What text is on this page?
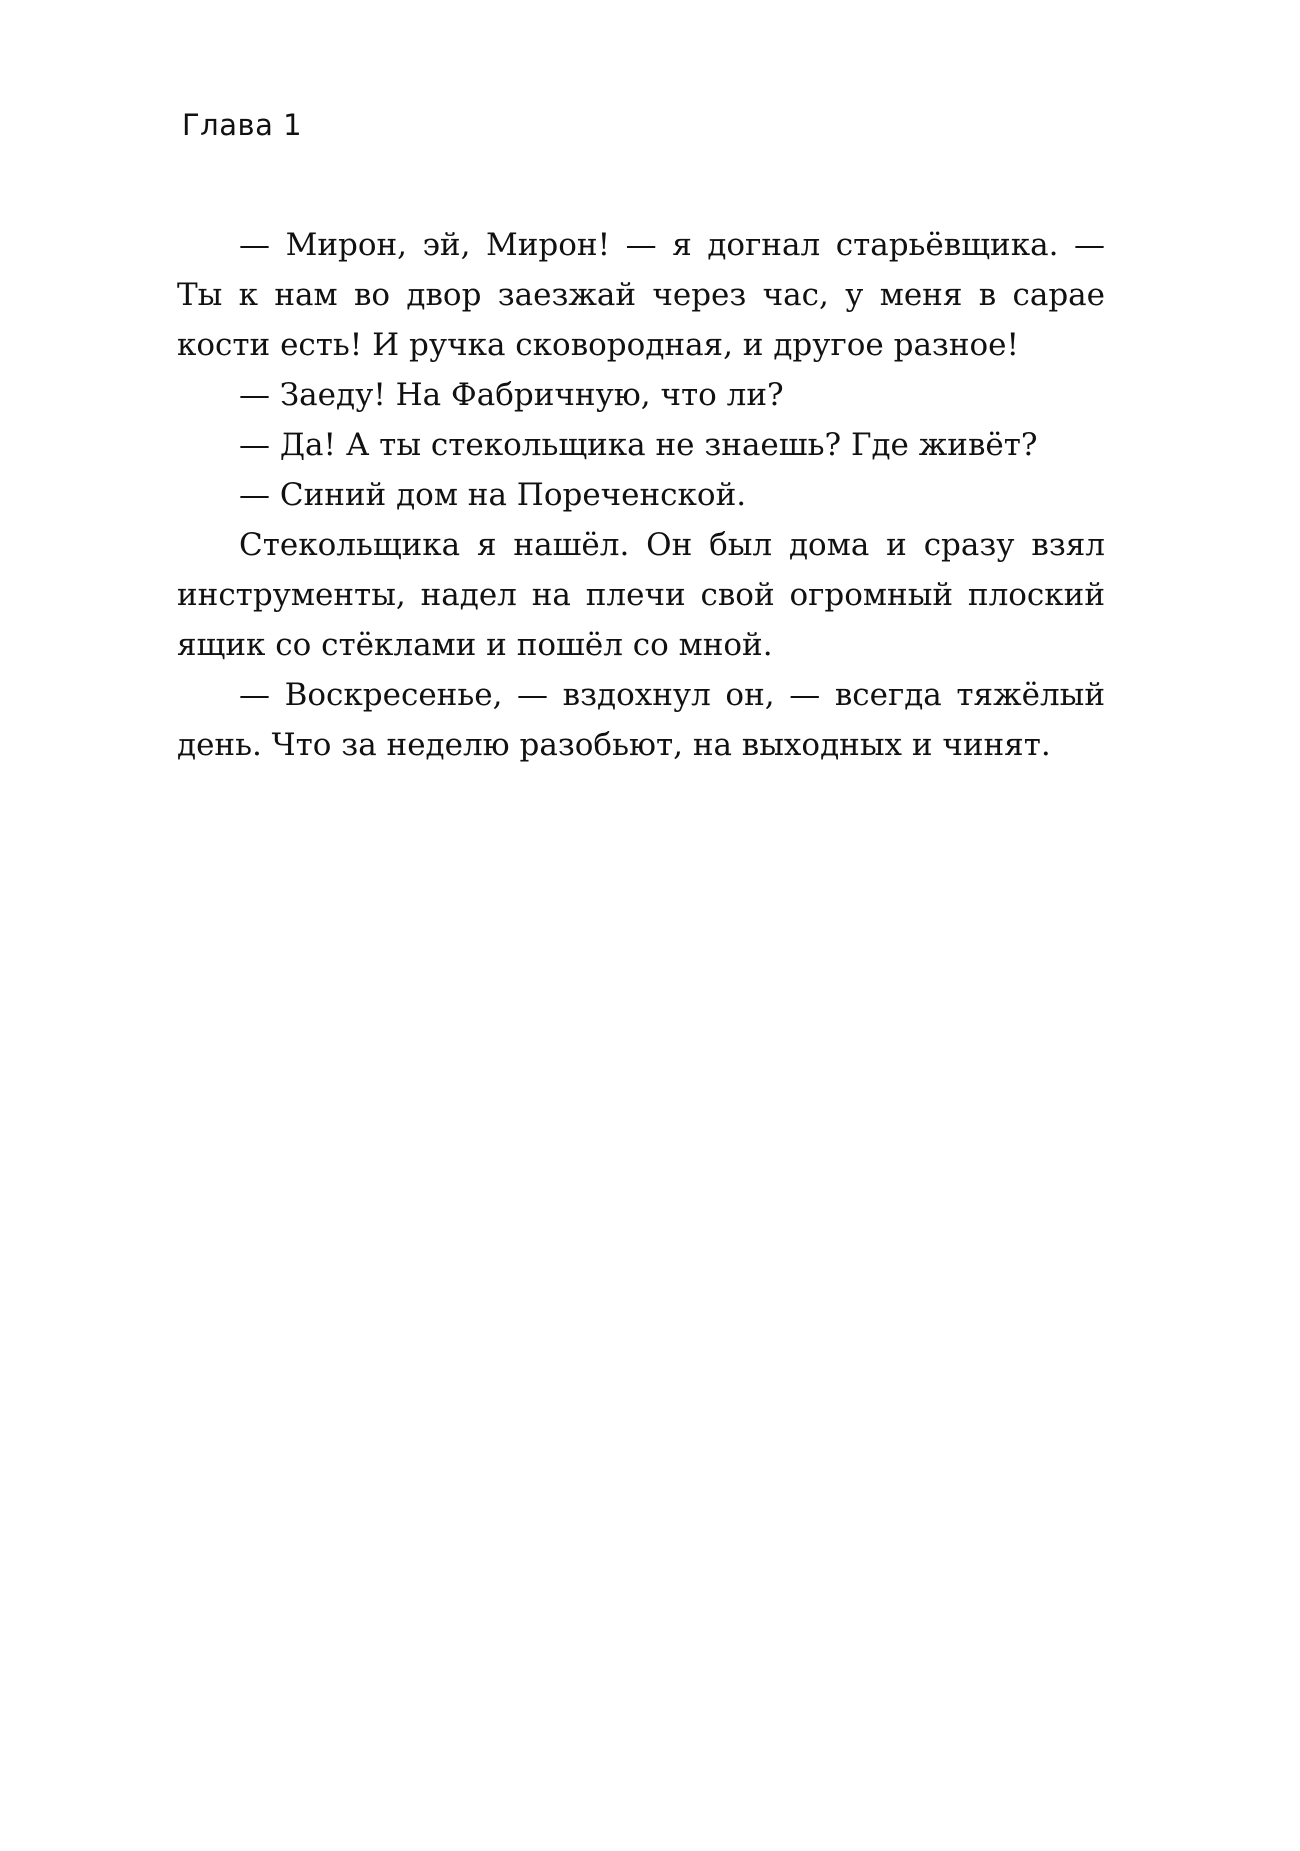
Глава 1

— Мирон, эй, Мирон! — я догнал старьёвщика. — Ты к нам во двор заезжай через час, у меня в сарае кости есть! И ручка сковородная, и другое разное!

— Заеду! На Фабричную, что ли?

— Да! А ты стекольщика не знаешь? Где живёт?

— Синий дом на Пореченской.

Стекольщика я нашёл. Он был дома и сразу взял инструменты, надел на плечи свой огромный плоский ящик со стёклами и пошёл со мной.

— Воскресенье, — вздохнул он, — всегда тяжёлый день. Что за неделю разобьют, на выходных и чинят.
